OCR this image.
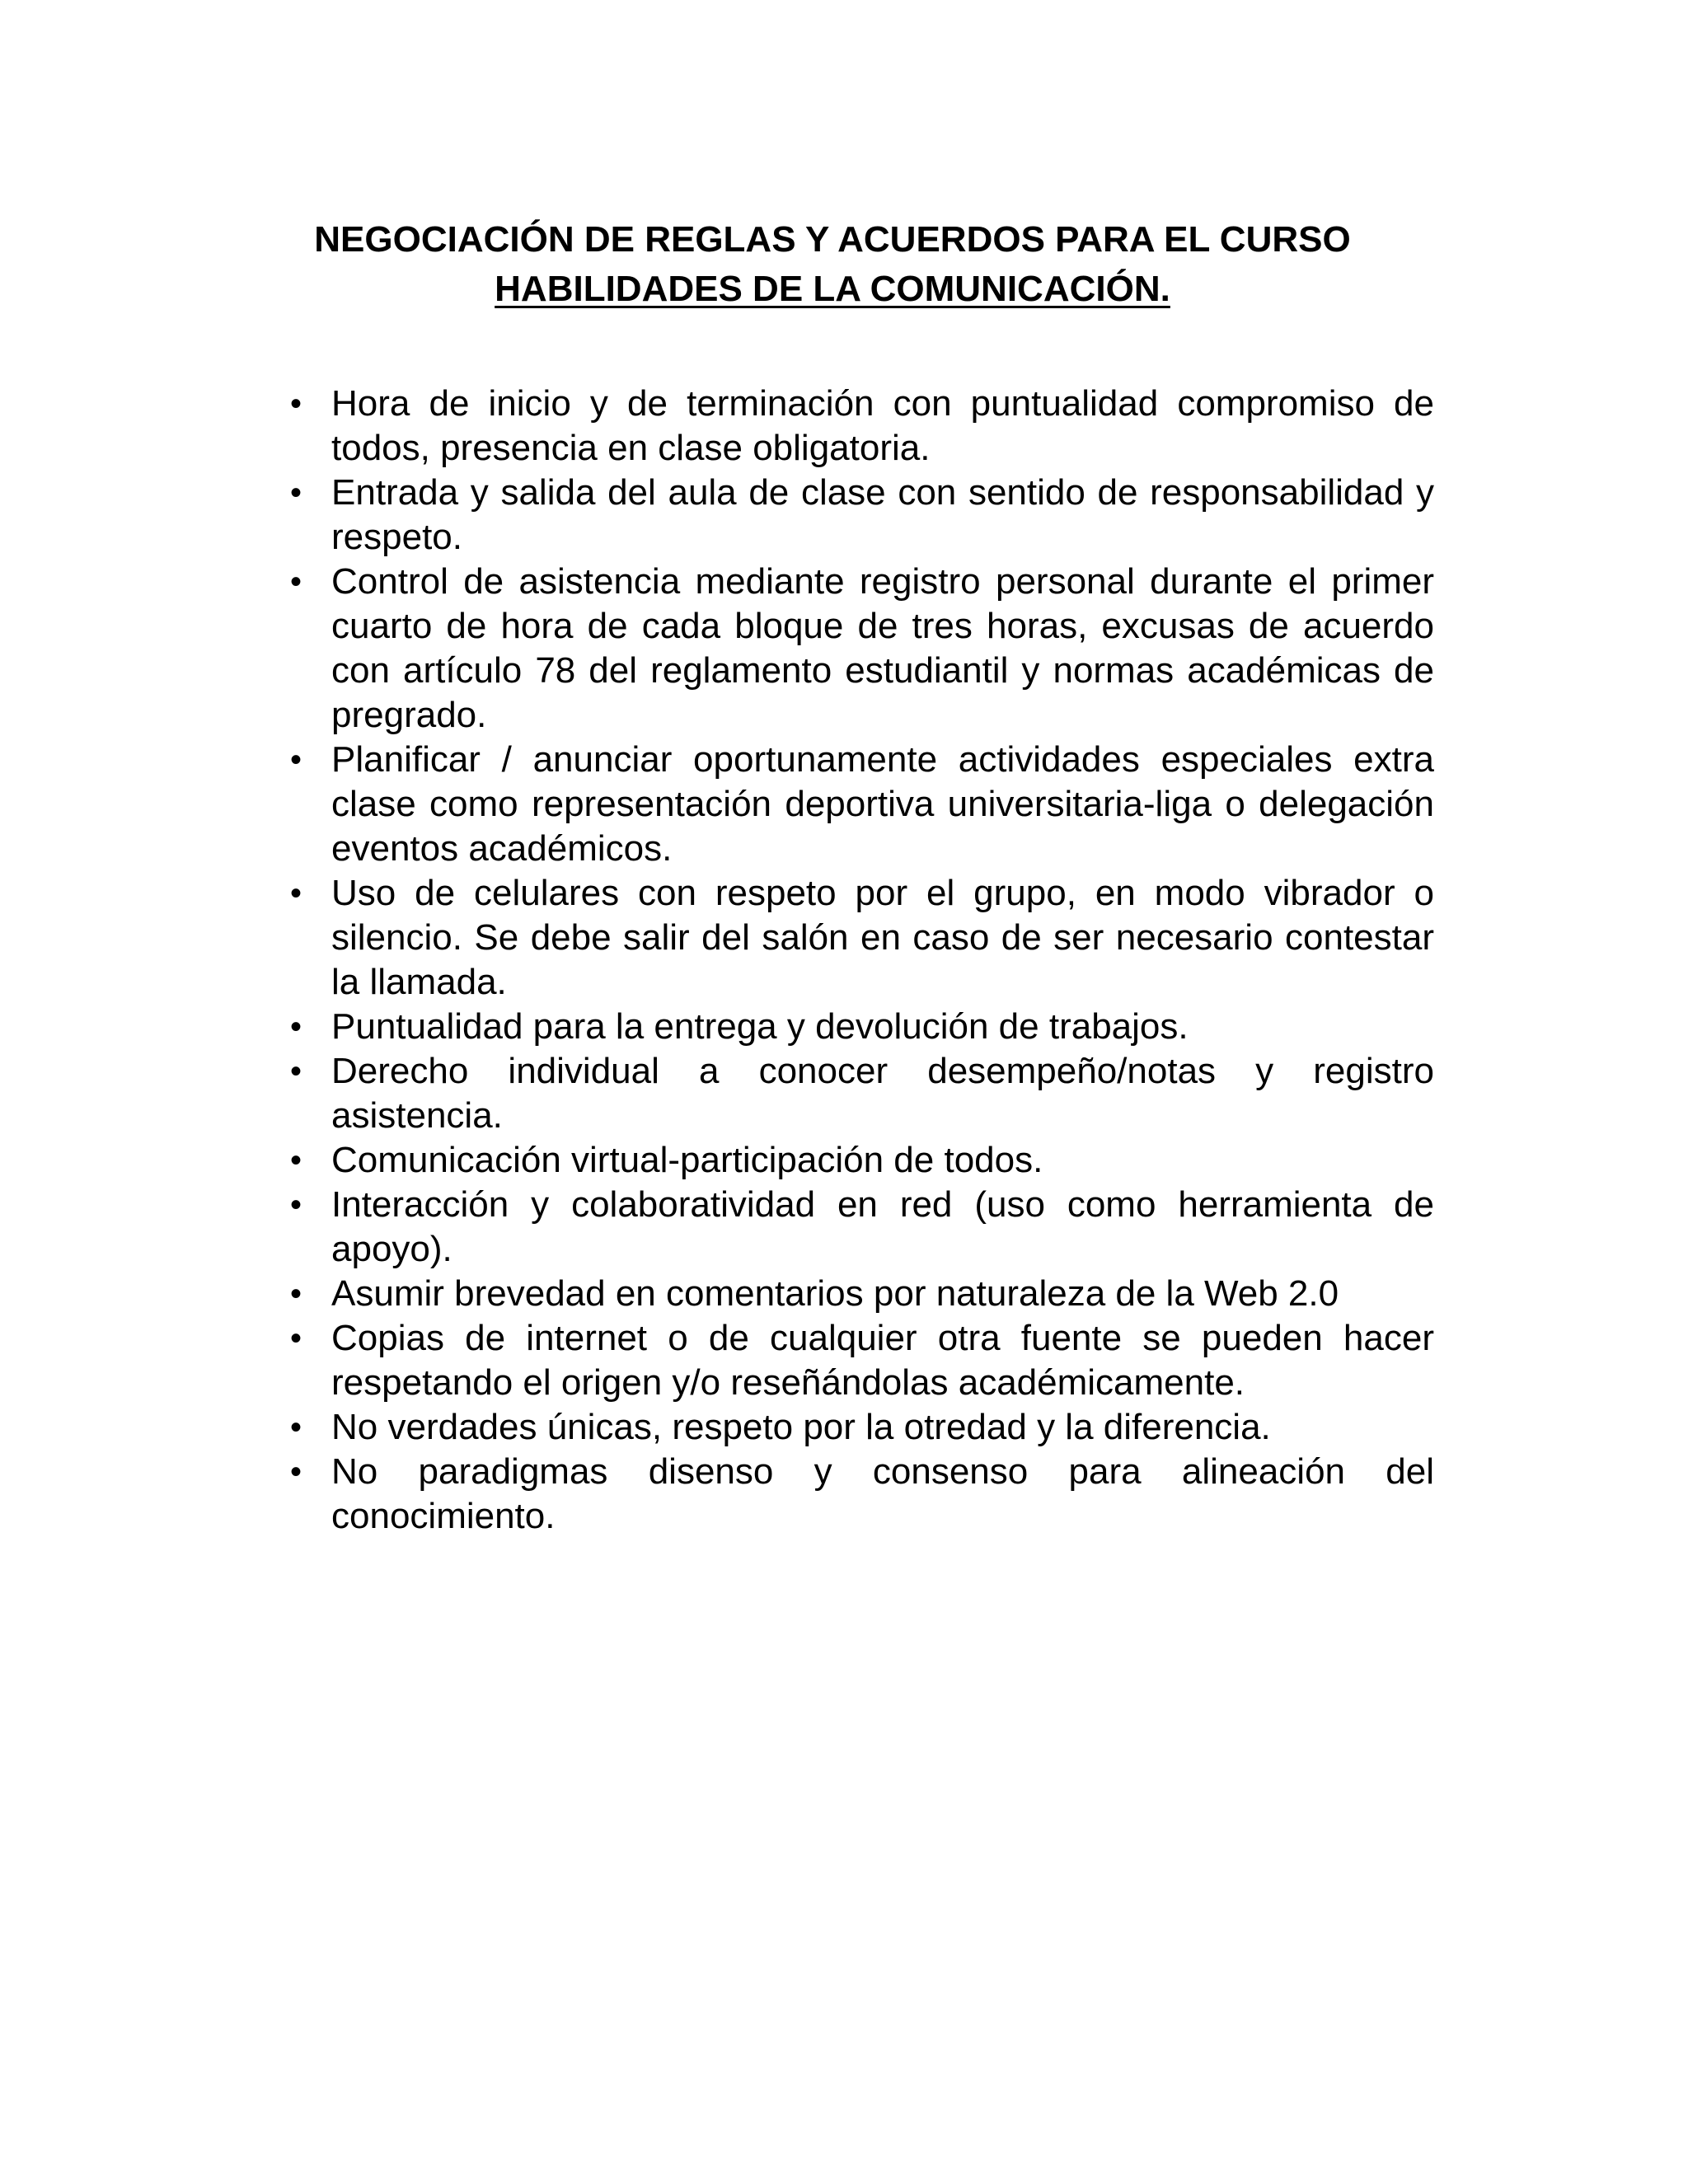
NEGOCIACIÓN DE REGLAS Y ACUERDOS PARA EL CURSO
HABILIDADES DE LA COMUNICACIÓN.
• Hora de inicio y de terminación con puntualidad compromiso de todos, presencia en clase obligatoria.
• Entrada y salida del aula de clase con sentido de responsabilidad y respeto.
• Control de asistencia mediante registro personal durante el primer cuarto de hora de cada bloque de tres horas, excusas de acuerdo con artículo 78 del reglamento estudiantil y normas académicas de pregrado.
• Planificar / anunciar oportunamente actividades especiales extra clase como representación deportiva universitaria-liga o delegación eventos académicos.
• Uso de celulares con respeto por el grupo, en modo vibrador o silencio. Se debe salir del salón en caso de ser necesario contestar la llamada.
• Puntualidad para la entrega y devolución de trabajos.
• Derecho individual a conocer desempeño/notas y registro asistencia.
• Comunicación virtual-participación de todos.
• Interacción y colaboratividad en red (uso como herramienta de apoyo).
• Asumir brevedad en comentarios por naturaleza de la Web 2.0
• Copias de internet o de cualquier otra fuente se pueden hacer respetando el origen y/o reseñándolas académicamente.
• No verdades únicas, respeto por la otredad y la diferencia.
• No paradigmas disenso y consenso para alineación del conocimiento.
